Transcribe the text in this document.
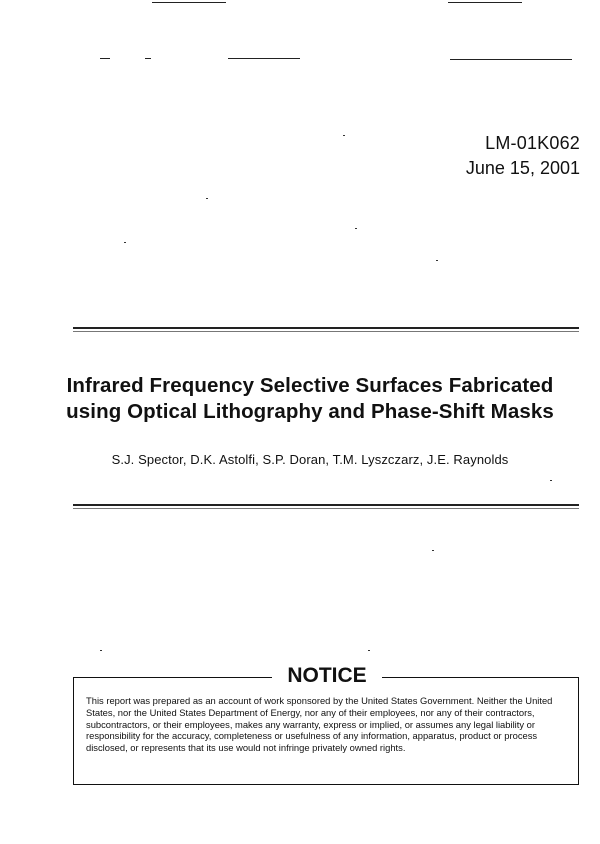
LM-01K062
June 15, 2001
Infrared Frequency Selective Surfaces Fabricated
using Optical Lithography and Phase-Shift Masks
S.J. Spector, D.K. Astolfi, S.P. Doran, T.M. Lyszczarz, J.E. Raynolds
NOTICE
This report was prepared as an account of work sponsored by the United States Government. Neither the United States, nor the United States Department of Energy, nor any of their employees, nor any of their contractors, subcontractors, or their employees, makes any warranty, express or implied, or assumes any legal liability or responsibility for the accuracy, completeness or usefulness of any information, apparatus, product or process disclosed, or represents that its use would not infringe privately owned rights.
